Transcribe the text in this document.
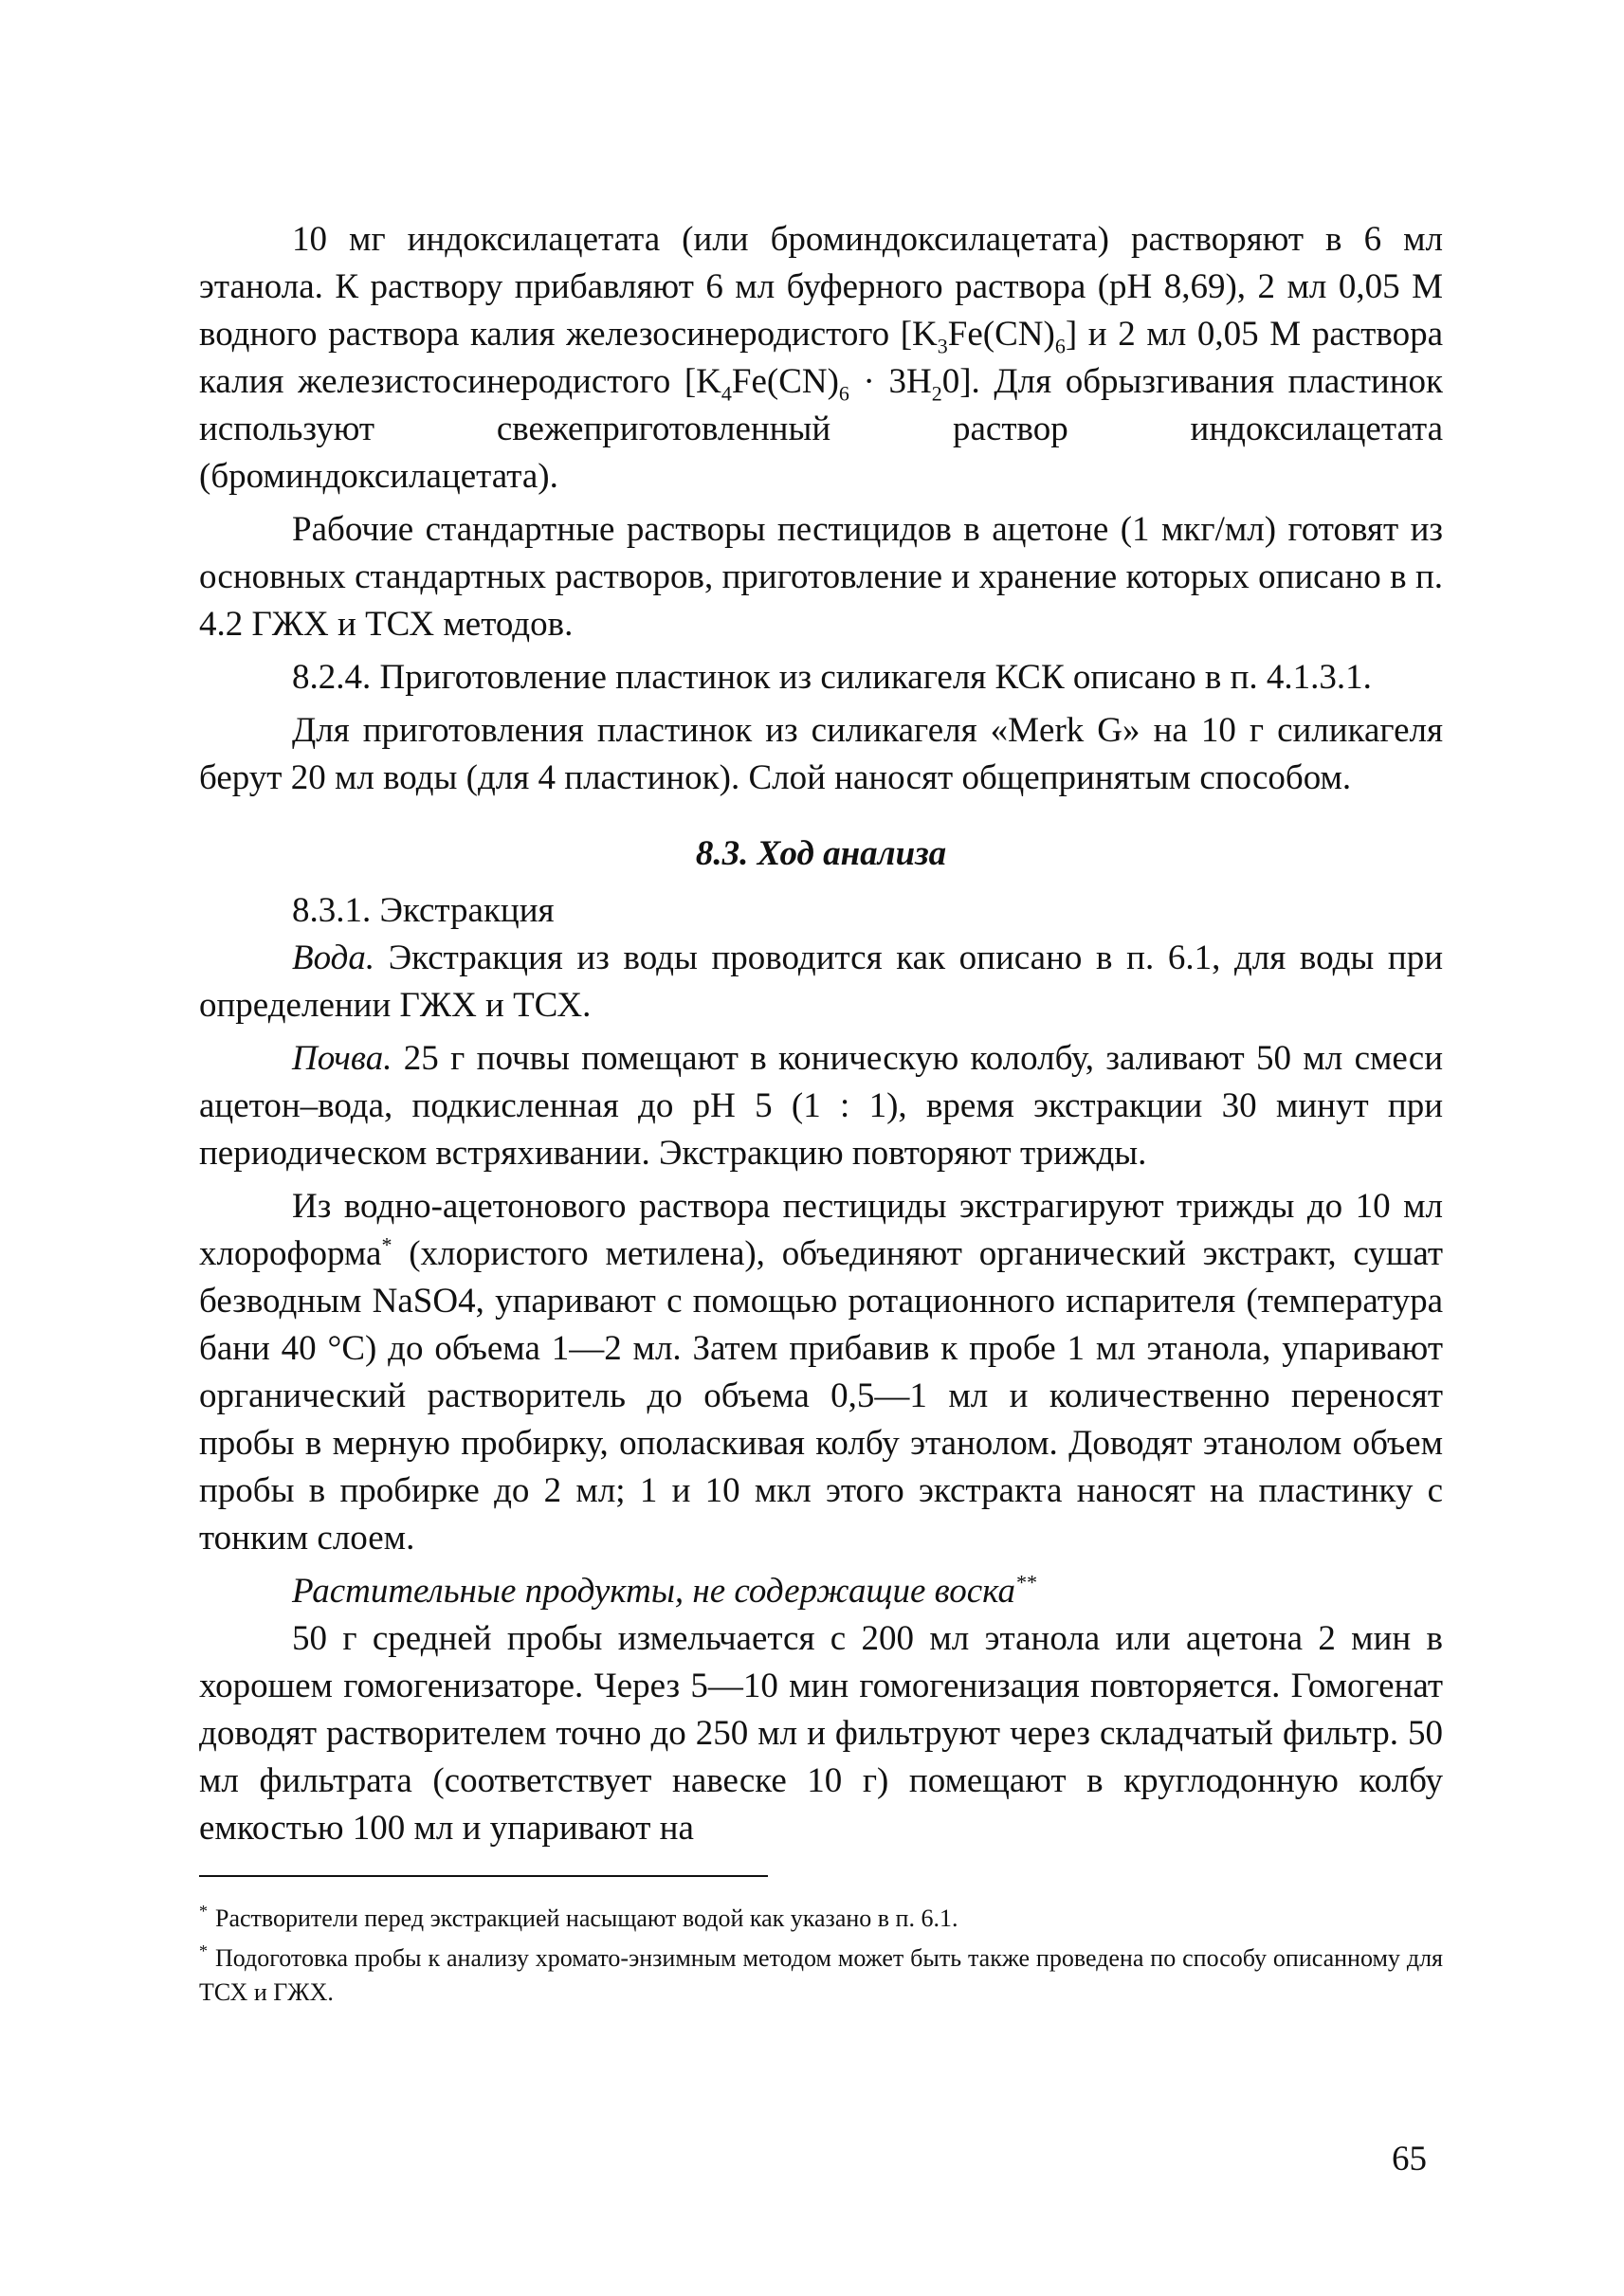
10 мг индоксилацетата (или броминдоксилацетата) растворяют в 6 мл этанола. К раствору прибавляют 6 мл буферного раствора (рН 8,69), 2 мл 0,05 М водного раствора калия железосинеродистого $[K_3Fe(CN)_6]$ и 2 мл 0,05 М раствора калия железистосинеродистого $[K_4Fe(CN)_6 \cdot 3H_20]$. Для обрызгивания пластинок используют свежеприготовленный раствор индоксилацетата (броминдоксилацетата).

Рабочие стандартные растворы пестицидов в ацетоне (1 мкг/мл) готовят из основных стандартных растворов, приготовление и хранение которых описано в п. 4.2 ГЖХ и ТСХ методов.

8.2.4. Приготовление пластинок из силикагеля КСК описано в п. 4.1.3.1.

Для приготовления пластинок из силикагеля «Merk G» на 10 г силикагеля берут 20 мл воды (для 4 пластинок). Слой наносят общепринятым способом.

8.3. Ход анализа

8.3.1. Экстракция

Вода. Экстракция из воды проводится как описано в п. 6.1, для воды при определении ГЖХ и ТСХ.

Почва. 25 г почвы помещают в коническую кололбу, заливают 50 мл смеси ацетон–вода, подкисленная до рН 5 (1 : 1), время экстракции 30 минут при периодическом встряхивании. Экстракцию повторяют трижды.

Из водно-ацетонового раствора пестициды экстрагируют трижды до 10 мл хлороформа* (хлористого метилена), объединяют органический экстракт, сушат безводным NaSO4, упаривают с помощью ротационного испарителя (температура бани 40 °С) до объема 1—2 мл. Затем прибавив к пробе 1 мл этанола, упаривают органический растворитель до объема 0,5—1 мл и количественно переносят пробы в мерную пробирку, ополаскивая колбу этанолом. Доводят этанолом объем пробы в пробирке до 2 мл; 1 и 10 мкл этого экстракта наносят на пластинку с тонким слоем.

Растительные продукты, не содержащие воска**

50 г средней пробы измельчается с 200 мл этанола или ацетона 2 мин в хорошем гомогенизаторе. Через 5—10 мин гомогенизация повторяется. Гомогенат доводят растворителем точно до 250 мл и фильтруют через складчатый фильтр. 50 мл фильтрата (соответствует навеске 10 г) помещают в круглодонную колбу емкостью 100 мл и упаривают на

* Растворители перед экстракцией насыщают водой как указано в п. 6.1.

* Подоготовка пробы к анализу хромато-энзимным методом может быть также проведена по способу описанному для ТСХ и ГЖХ.

65
